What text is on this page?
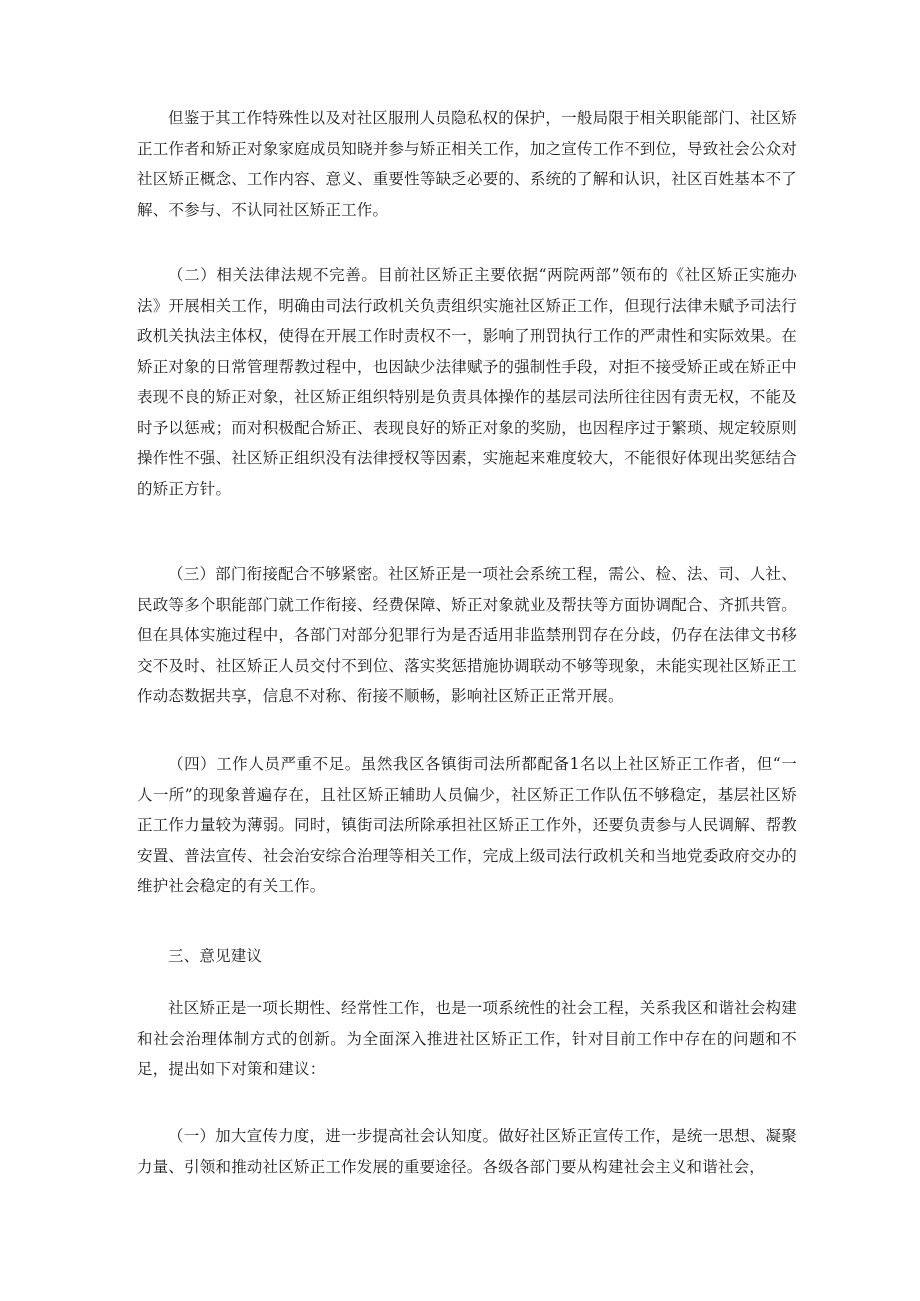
但鉴于其工作特殊性以及对社区服刑人员隐私权的保护，一般局限于相关职能部门、社区矫正工作者和矫正对象家庭成员知晓并参与矫正相关工作，加之宣传工作不到位，导致社会公众对社区矫正概念、工作内容、意义、重要性等缺乏必要的、系统的了解和认识，社区百姓基本不了解、不参与、不认同社区矫正工作。

（二）相关法律法规不完善。目前社区矫正主要依据“两院两部”领布的《社区矫正实施办法》开展相关工作，明确由司法行政机关负责组织实施社区矫正工作，但现行法律未赋予司法行政机关执法主体权，使得在开展工作时责权不一，影响了刑罚执行工作的严肃性和实际效果。在矫正对象的日常管理帮教过程中，也因缺少法律赋予的强制性手段，对拒不接受矫正或在矫正中表现不良的矫正对象，社区矫正组织特别是负责具体操作的基层司法所往往因有责无权，不能及时予以惩戒；而对积极配合矫正、表现良好的矫正对象的奖励，也因程序过于繁琐、规定较原则操作性不强、社区矫正组织没有法律授权等因素，实施起来难度较大，不能很好体现出奖惩结合的矫正方针。

（三）部门衔接配合不够紧密。社区矫正是一项社会系统工程，需公、检、法、司、人社、民政等多个职能部门就工作衔接、经费保障、矫正对象就业及帮扶等方面协调配合、齐抓共管。但在具体实施过程中，各部门对部分犯罪行为是否适用非监禁刑罚存在分歧，仍存在法律文书移交不及时、社区矫正人员交付不到位、落实奖惩措施协调联动不够等现象，未能实现社区矫正工作动态数据共享，信息不对称、衔接不顺畅，影响社区矫正正常开展。

（四）工作人员严重不足。虽然我区各镇街司法所都配备1名以上社区矫正工作者，但“一人一所”的现象普遍存在，且社区矫正辅助人员偏少，社区矫正工作队伍不够稳定，基层社区矫正工作力量较为薄弱。同时，镇街司法所除承担社区矫正工作外，还要负责参与人民调解、帮教安置、普法宣传、社会治安综合治理等相关工作，完成上级司法行政机关和当地党委政府交办的维护社会稳定的有关工作。

三、意见建议

社区矫正是一项长期性、经常性工作，也是一项系统性的社会工程，关系我区和谐社会构建和社会治理体制方式的创新。为全面深入推进社区矫正工作，针对目前工作中存在的问题和不足，提出如下对策和建议：

（一）加大宣传力度，进一步提高社会认知度。做好社区矫正宣传工作，是统一思想、凝聚力量、引领和推动社区矫正工作发展的重要途径。各级各部门要从构建社会主义和谐社会，
